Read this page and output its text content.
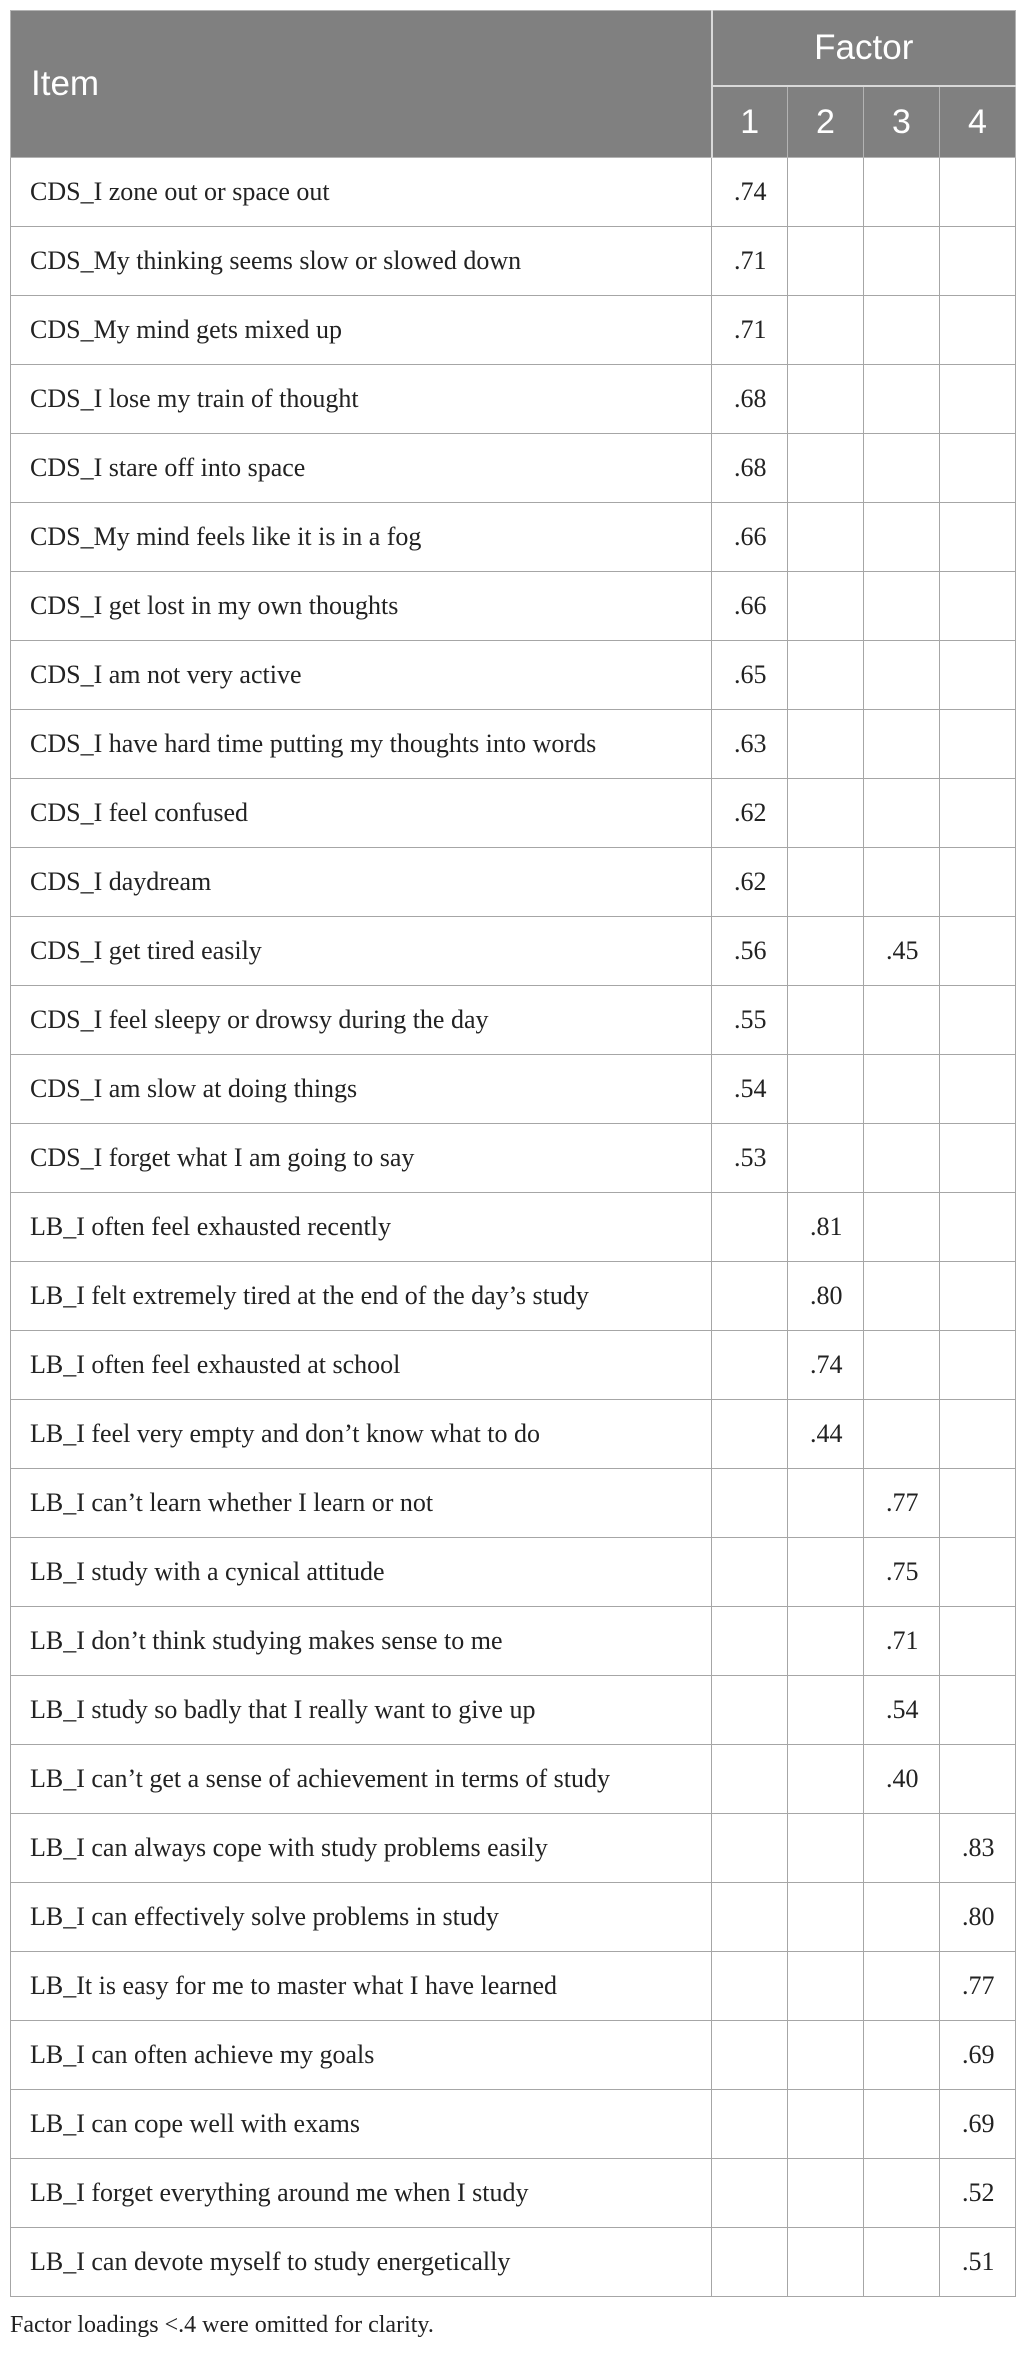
Item	Factor			
	1	2	3	4
CDS_I zone out or space out	.74			
CDS_My thinking seems slow or slowed down	.71			
CDS_My mind gets mixed up	.71			
CDS_I lose my train of thought	.68			
CDS_I stare off into space	.68			
CDS_My mind feels like it is in a fog	.66			
CDS_I get lost in my own thoughts	.66			
CDS_I am not very active	.65			
CDS_I have hard time putting my thoughts into words	.63			
CDS_I feel confused	.62			
CDS_I daydream	.62			
CDS_I get tired easily	.56		.45	
CDS_I feel sleepy or drowsy during the day	.55			
CDS_I am slow at doing things	.54			
CDS_I forget what I am going to say	.53			
LB_I often feel exhausted recently		.81		
LB_I felt extremely tired at the end of the day’s study		.80		
LB_I often feel exhausted at school		.74		
LB_I feel very empty and don’t know what to do		.44		
LB_I can’t learn whether I learn or not			.77	
LB_I study with a cynical attitude			.75	
LB_I don’t think studying makes sense to me			.71	
LB_I study so badly that I really want to give up			.54	
LB_I can’t get a sense of achievement in terms of study			.40	
LB_I can always cope with study problems easily				.83
LB_I can effectively solve problems in study				.80
LB_It is easy for me to master what I have learned				.77
LB_I can often achieve my goals				.69
LB_I can cope well with exams				.69
LB_I forget everything around me when I study				.52
LB_I can devote myself to study energetically				.51
Factor loadings <.4 were omitted for clarity.
